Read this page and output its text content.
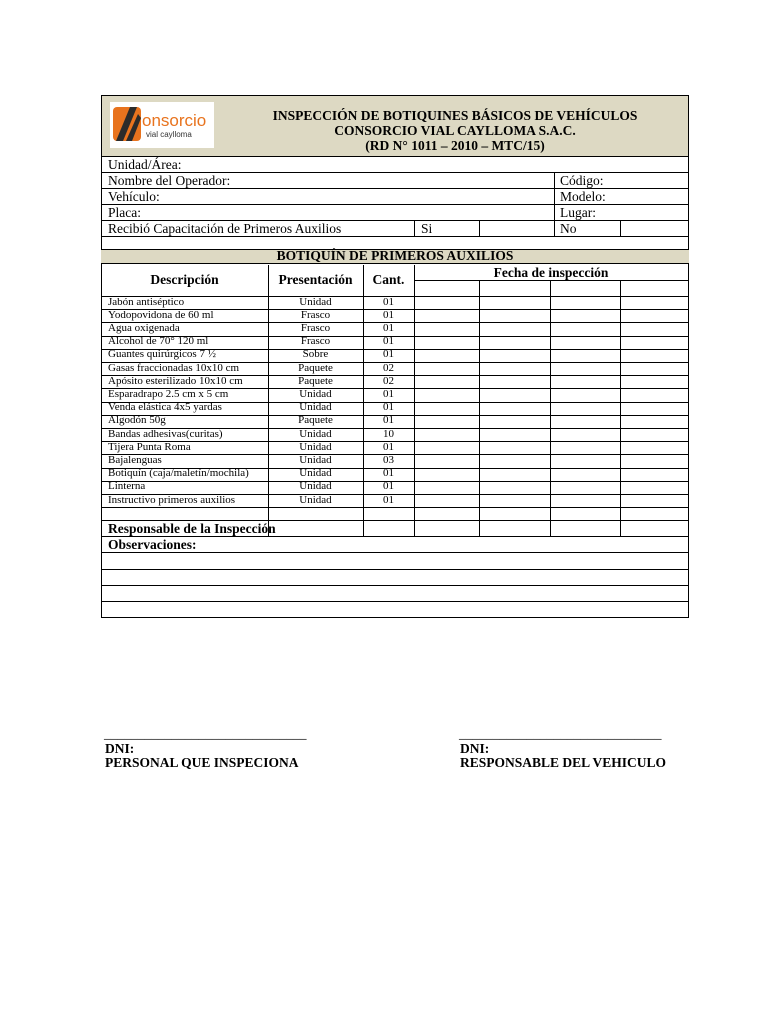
onsorcio
vial caylloma
INSPECCIÓN DE BOTIQUINES BÁSICOS DE VEHÍCULOS
CONSORCIO VIAL CAYLLOMA S.A.C.
(RD N° 1011 – 2010 – MTC/15)
Unidad/Área:
Nombre del Operador:
Vehículo:
Placa:
Recibió Capacitación de Primeros Auxilios
Código:
Modelo:
Lugar:
Si	No
BOTIQUÍN DE PRIMEROS AUXILIOS
Descripción	Presentación	Cant.	Fecha de inspección
Jabón antiséptico	Unidad	01
Yodopovidona de 60 ml	Frasco	01
Agua oxigenada	Frasco	01
Alcohol de 70° 120 ml	Frasco	01
Guantes quirúrgicos 7 ½	Sobre	01
Gasas fraccionadas 10x10 cm	Paquete	02
Apósito esterilizado 10x10 cm	Paquete	02
Esparadrapo 2.5 cm x 5 cm	Unidad	01
Venda elástica 4x5 yardas	Unidad	01
Algodón 50g	Paquete	01
Bandas adhesivas(curitas)	Unidad	10
Tijera Punta Roma	Unidad	01
Bajalenguas	Unidad	03
Botiquín (caja/maletín/mochila)	Unidad	01
Linterna	Unidad	01
Instructivo primeros auxilios	Unidad	01
Responsable de la Inspección
Observaciones:
______________________________
DNI:
PERSONAL QUE INSPECIONA
______________________________
DNI:
RESPONSABLE DEL VEHICULO
